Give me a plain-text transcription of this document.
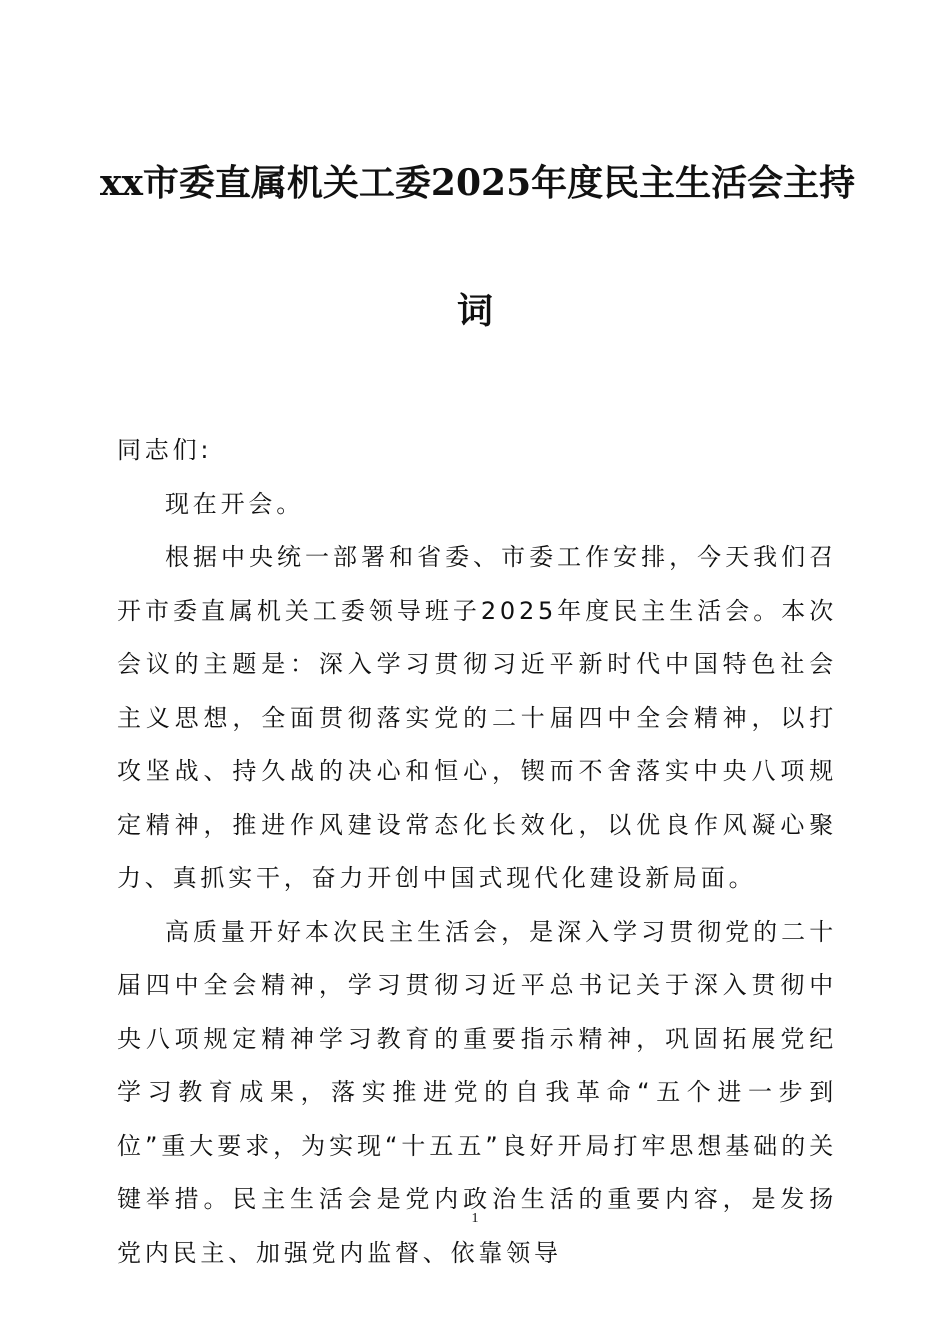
xx市委直属机关工委2025年度民主生活会主持
词

同志们:

现在开会。

根据中央统一部署和省委、市委工作安排，今天我们召开市委直属机关工委领导班子2025年度民主生活会。本次会议的主题是：深入学习贯彻习近平新时代中国特色社会主义思想，全面贯彻落实党的二十届四中全会精神，以打攻坚战、持久战的决心和恒心，锲而不舍落实中央八项规定精神，推进作风建设常态化长效化，以优良作风凝心聚力、真抓实干，奋力开创中国式现代化建设新局面。

高质量开好本次民主生活会，是深入学习贯彻党的二十届四中全会精神，学习贯彻习近平总书记关于深入贯彻中央八项规定精神学习教育的重要指示精神，巩固拓展党纪学习教育成果，落实推进党的自我革命“五个进一步到位”重大要求，为实现“十五五”良好开局打牢思想基础的关键举措。民主生活会是党内政治生活的重要内容，是发扬党内民主、加强党内监督、依靠领导

1
